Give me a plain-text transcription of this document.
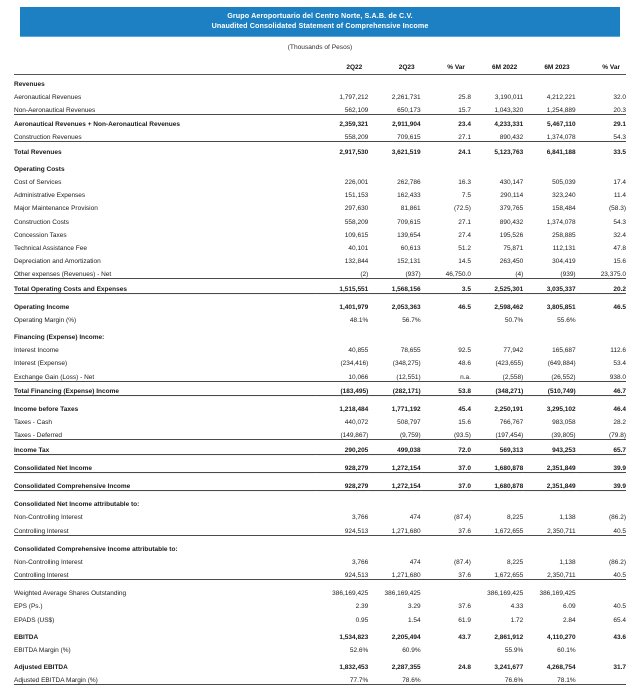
Grupo Aeroportuario del Centro Norte, S.A.B. de C.V.
Unaudited Consolidated Statement of Comprehensive Income
(Thousands of Pesos)
	2Q22	2Q23	% Var	6M 2022	6M 2023	% Var
Revenues						
Aeronautical Revenues	1,797,212	2,261,731	25.8	3,190,011	4,212,221	32.0
Non-Aeronautical Revenues	562,109	650,173	15.7	1,043,320	1,254,889	20.3
Aeronautical Revenues + Non-Aeronautical Revenues	2,359,321	2,911,904	23.4	4,233,331	5,467,110	29.1
Construction Revenues	558,209	709,615	27.1	890,432	1,374,078	54.3
Total Revenues	2,917,530	3,621,519	24.1	5,123,763	6,841,188	33.5

Operating Costs						
Cost of Services	226,001	262,786	16.3	430,147	505,039	17.4
Administrative Expenses	151,153	162,433	7.5	290,114	323,240	11.4
Major Maintenance Provision	297,630	81,861	(72.5)	379,765	158,484	(58.3)
Construction Costs	558,209	709,615	27.1	890,432	1,374,078	54.3
Concession Taxes	109,615	139,654	27.4	195,526	258,885	32.4
Technical Assistance Fee	40,101	60,613	51.2	75,871	112,131	47.8
Depreciation and Amortization	132,844	152,131	14.5	263,450	304,419	15.6
Other expenses (Revenues) - Net	(2)	(937)	46,750.0	(4)	(939)	23,375.0
Total Operating Costs and Expenses	1,515,551	1,568,156	3.5	2,525,301	3,035,337	20.2

Operating Income	1,401,979	2,053,363	46.5	2,598,462	3,805,851	46.5
Operating Margin (%)	48.1%	56.7%		50.7%	55.6%	

Financing (Expense) Income:						
Interest Income	40,855	78,655	92.5	77,942	165,687	112.6
Interest (Expense)	(234,416)	(348,275)	48.6	(423,655)	(649,884)	53.4
Exchange Gain (Loss) - Net	10,066	(12,551)	n.a.	(2,558)	(26,552)	938.0
Total Financing (Expense) Income	(183,495)	(282,171)	53.8	(348,271)	(510,749)	46.7

Income before Taxes	1,218,484	1,771,192	45.4	2,250,191	3,295,102	46.4
Taxes - Cash	440,072	508,797	15.6	766,767	983,058	28.2
Taxes - Deferred	(149,867)	(9,759)	(93.5)	(197,454)	(39,805)	(79.8)
Income Tax	290,205	499,038	72.0	569,313	943,253	65.7

Consolidated Net Income	928,279	1,272,154	37.0	1,680,878	2,351,849	39.9

Consolidated Comprehensive Income	928,279	1,272,154	37.0	1,680,878	2,351,849	39.9

Consolidated Net Income attributable to:						
Non-Controlling Interest	3,766	474	(87.4)	8,225	1,138	(86.2)
Controlling Interest	924,513	1,271,680	37.6	1,672,655	2,350,711	40.5

Consolidated Comprehensive Income attributable to:						
Non-Controlling Interest	3,766	474	(87.4)	8,225	1,138	(86.2)
Controlling Interest	924,513	1,271,680	37.6	1,672,655	2,350,711	40.5

Weighted Average Shares Outstanding	386,169,425	386,169,425		386,169,425	386,169,425	
EPS (Ps.)	2.39	3.29	37.6	4.33	6.09	40.5
EPADS (US$)	0.95	1.54	61.9	1.72	2.84	65.4

EBITDA	1,534,823	2,205,494	43.7	2,861,912	4,110,270	43.6
EBITDA Margin (%)	52.6%	60.9%		55.9%	60.1%	

Adjusted EBITDA	1,832,453	2,287,355	24.8	3,241,677	4,268,754	31.7
Adjusted EBITDA Margin (%)	77.7%	78.6%		76.6%	78.1%	
